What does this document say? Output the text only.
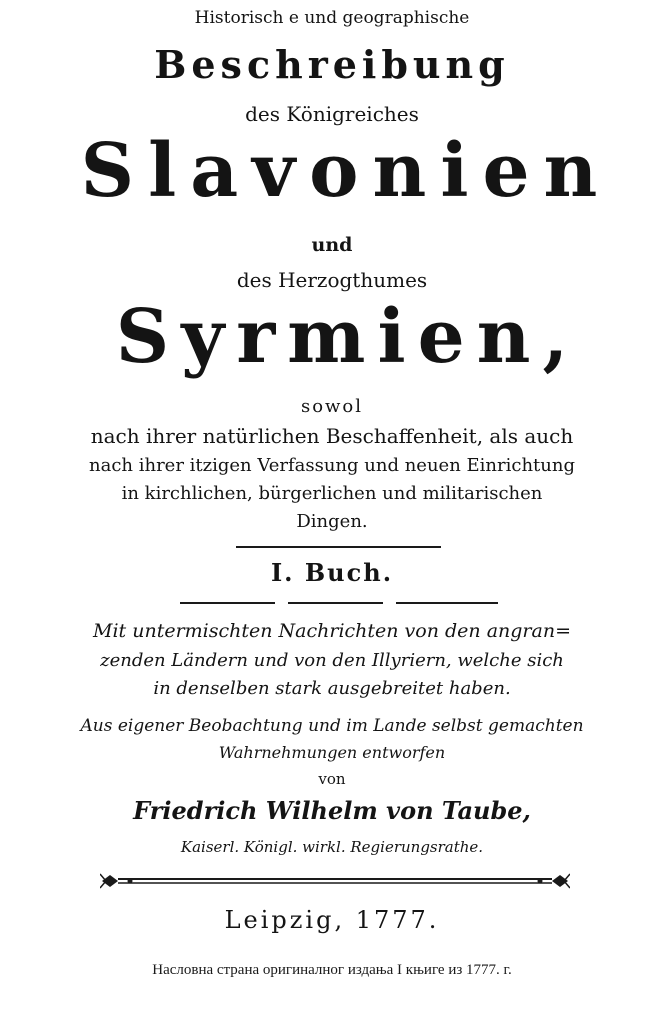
Historisch e und geographische

Beschreibung

des Königreiches

Slavonien

und

des Herzogthumes

Syrmien,

sowol

nach ihrer natürlichen Beschaffenheit, als auch

nach ihrer itzigen Verfassung und neuen Einrichtung

in kirchlichen, bürgerlichen und militarischen

Dingen.

I. Buch.

Mit untermischten Nachrichten von den angran=

zenden Ländern und von den Illyriern, welche sich

in denselben stark ausgebreitet haben.

Aus eigener Beobachtung und im Lande selbst gemachten

Wahrnehmungen entworfen

von

Friedrich Wilhelm von Taube,

Kaiserl. Königl. wirkl. Regierungsrathe.

Leipzig, 1777.

Насловна страна оригиналног издања I књиге из 1777. г.
